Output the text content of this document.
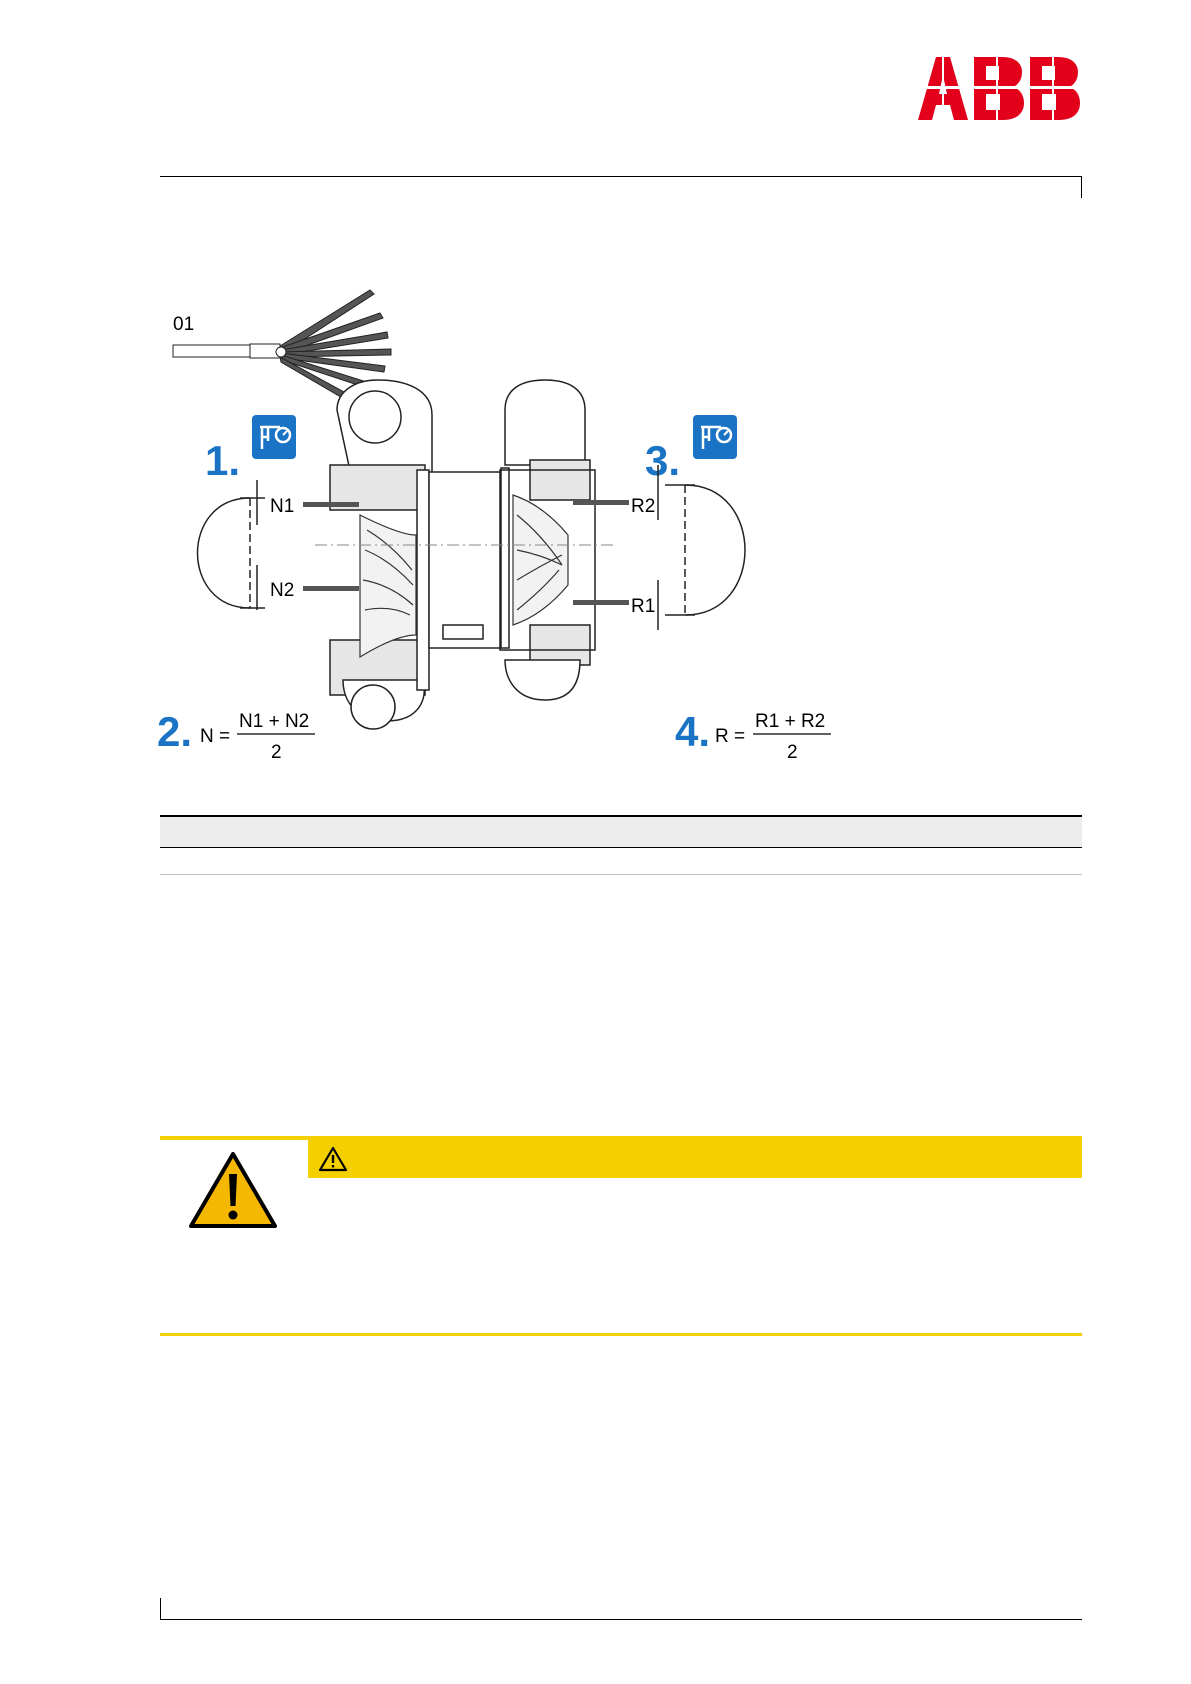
01
1.	3.
N1
N2
R2
R1
2. N =
N1 + N2
2	4. R =
R1 + R2
2
